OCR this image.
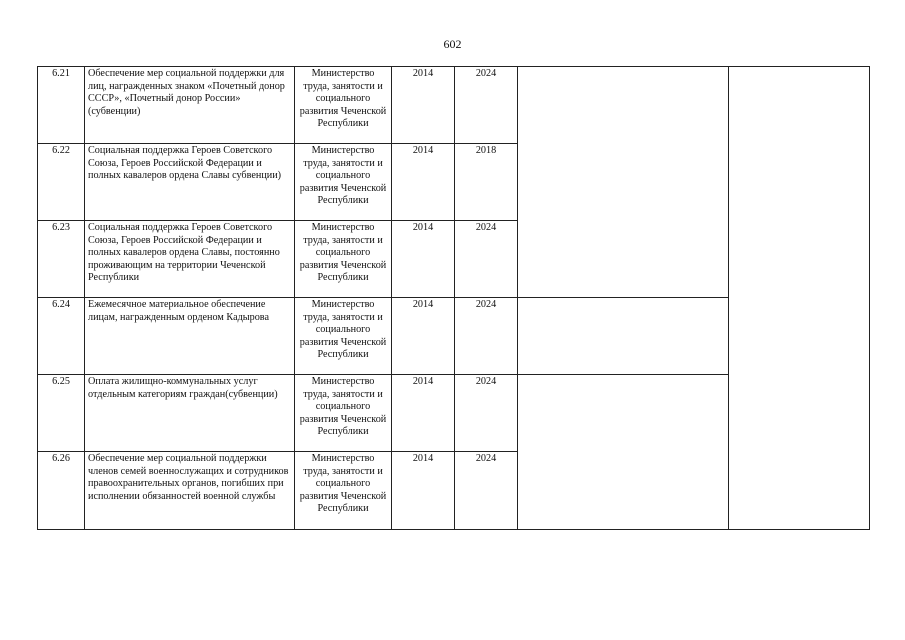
602
6.21	Обеспечение мер социальной поддержки для лиц, награжденных знаком «Почетный донор СССР», «Почетный донор России» (субвенции)	Министерство труда, занятости и социального развития Чеченской Республики	2014	2024		
6.22	Социальная поддержка Героев Советского Союза, Героев Российской Федерации и полных кавалеров ордена Славы субвенции)	Министерство труда, занятости и социального развития Чеченской Республики	2014	2018		
6.23	Социальная поддержка Героев Советского Союза, Героев Российской Федерации и полных кавалеров ордена Славы, постоянно проживающим на территории Чеченской Республики	Министерство труда, занятости и социального развития Чеченской Республики	2014	2024		
6.24	Ежемесячное материальное обеспечение лицам, награжденным орденом Кадырова	Министерство труда, занятости и социального развития Чеченской Республики	2014	2024		
6.25	Оплата жилищно-коммунальных услуг отдельным категориям граждан(субвенции)	Министерство труда, занятости и социального развития Чеченской Республики	2014	2024		
6.26	Обеспечение мер социальной поддержки членов семей военнослужащих и сотрудников правоохранительных органов, погибших при исполнении обязанностей военной службы	Министерство труда, занятости и социального развития Чеченской Республики	2014	2024		
